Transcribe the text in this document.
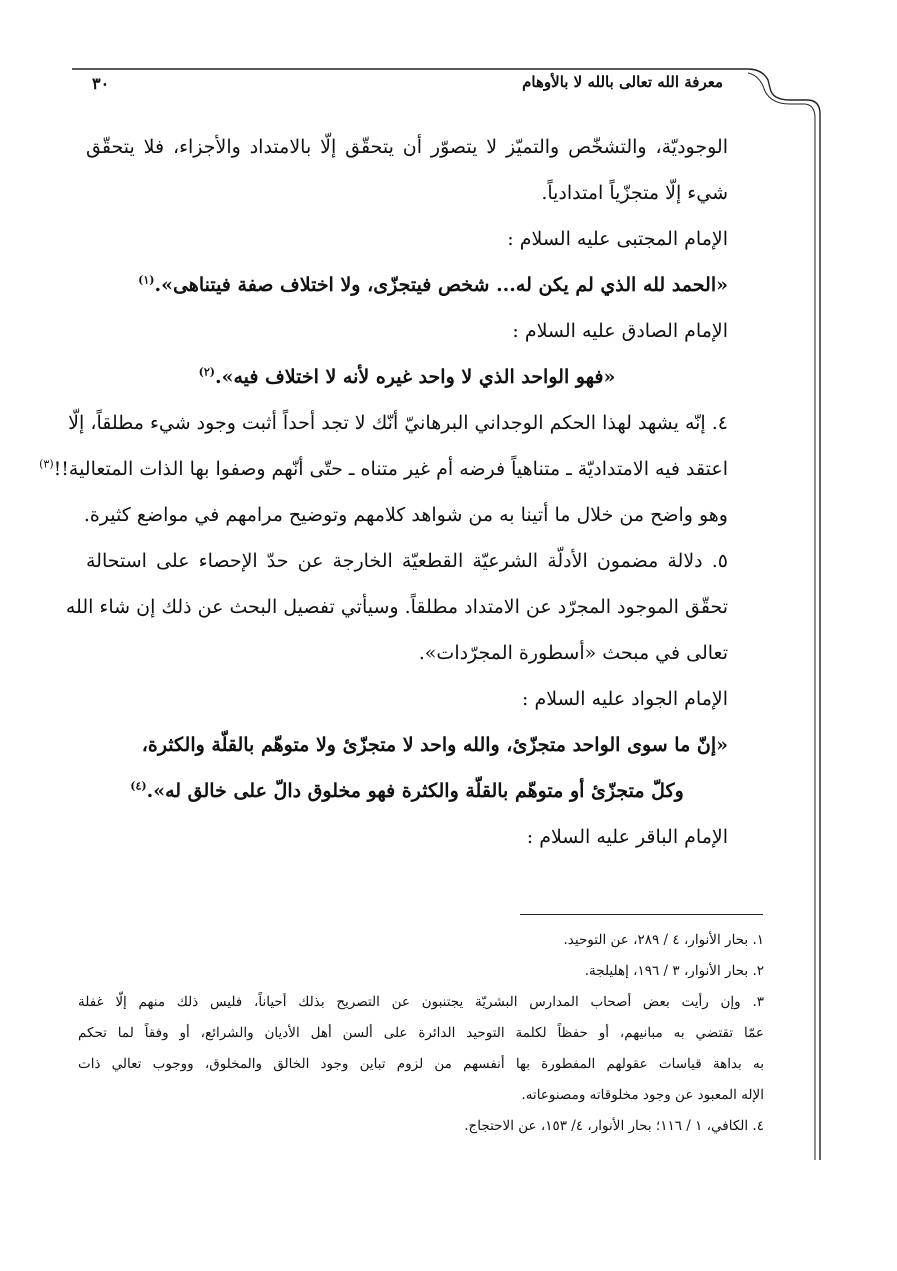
معرفة الله تعالى بالله لا بالأوهام
٣٠
الوجوديّة، والتشخّص والتميّز لا يتصوّر أن يتحقّق إلّا بالامتداد والأجزاء، فلا يتحقّق
شيء إلّا متجزّياً امتدادياً.
الإمام المجتبى عليه السلام :
«الحمد لله الذي لم يكن له... شخص فيتجزّى، ولا اختلاف صفة فيتناهى».$^{(١)}$
الإمام الصادق عليه السلام :
«فهو الواحد الذي لا واحد غيره لأنه لا اختلاف فيه».$^{(٢)}$
٤. إنّه يشهد لهذا الحكم الوجداني البرهانيّ أنّك لا تجد أحداً أثبت وجود شيء مطلقاً، إلّا
اعتقد فيه الامتداديّة ـ متناهياً فرضه أم غير متناه ـ حتّى أنّهم وصفوا بها الذات المتعالية!!$^{(٣)}$
وهو واضح من خلال ما أتينا به من شواهد كلامهم وتوضيح مرامهم في مواضع كثيرة.
٥. دلالة مضمون الأدلّة الشرعيّة القطعيّة الخارجة عن حدّ الإحصاء على استحالة
تحقّق الموجود المجرّد عن الامتداد مطلقاً. وسيأتي تفصيل البحث عن ذلك إن شاء الله
تعالى في مبحث «أسطورة المجرّدات».
الإمام الجواد عليه السلام :
«إنّ ما سوى الواحد متجزّئ، والله واحد لا متجزّئ ولا متوهّم بالقلّة والكثرة،
وكلّ متجزّئ أو متوهّم بالقلّة والكثرة فهو مخلوق دالّ على خالق له».$^{(٤)}$
الإمام الباقر عليه السلام :
١. بحار الأنوار، ٤ / ٢٨٩، عن التوحيد.
٢. بحار الأنوار، ٣ / ١٩٦، إهليلجة.
٣. وإن رأيت بعض أصحاب المدارس البشريّة يجتنبون عن التصريح بذلك أحياناً، فليس ذلك منهم إلّا غفلة
عمّا تقتضي به مبانيهم، أو حفظاً لكلمة التوحيد الدائرة على ألسن أهل الأديان والشرائع، أو وفقاً لما تحكم
به بداهة قياسات عقولهم المفطورة بها أنفسهم من لزوم تباين وجود الخالق والمخلوق، ووجوب تعالي ذات
الإله المعبود عن وجود مخلوقاته ومصنوعاته.
٤. الكافي، ١ / ١١٦؛ بحار الأنوار، ٤/ ١٥٣، عن الاحتجاج.
